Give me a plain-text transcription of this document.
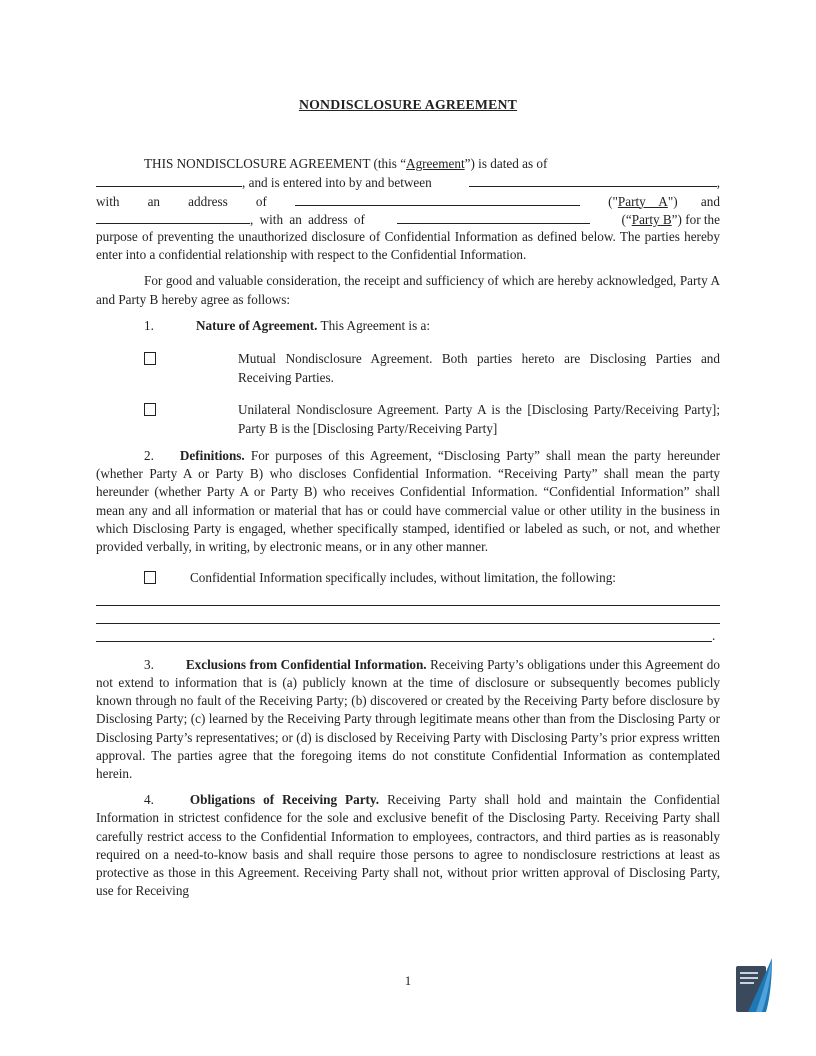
NONDISCLOSURE AGREEMENT
THIS NONDISCLOSURE AGREEMENT (this “Agreement”) is dated as of
, and is entered into by and between	,
with an address of	("Party A") and
, with an address of	(“Party B”) for the

purpose of preventing the unauthorized disclosure of Confidential Information as defined below. The parties hereby enter into a confidential relationship with respect to the Confidential Information.

For good and valuable consideration, the receipt and sufficiency of which are hereby acknowledged, Party A and Party B hereby agree as follows:

1.	Nature of Agreement. This Agreement is a:
Mutual Nondisclosure Agreement. Both parties hereto are Disclosing Parties and Receiving Parties.
Unilateral Nondisclosure Agreement. Party A is the [Disclosing Party/Receiving Party]; Party B is the [Disclosing Party/Receiving Party]

2. Definitions. For purposes of this Agreement, “Disclosing Party” shall mean the party hereunder (whether Party A or Party B) who discloses Confidential Information. “Receiving Party” shall mean the party hereunder (whether Party A or Party B) who receives Confidential Information. “Confidential Information” shall mean any and all information or material that has or could have commercial value or other utility in the business in which Disclosing Party is engaged, whether specifically stamped, identified or labeled as such, or not, and whether provided verbally, in writing, by electronic means, or in any other manner.

Confidential Information specifically includes, without limitation, the following:
.

3. Exclusions from Confidential Information. Receiving Party’s obligations under this Agreement do not extend to information that is (a) publicly known at the time of disclosure or subsequently becomes publicly known through no fault of the Receiving Party; (b) discovered or created by the Receiving Party before disclosure by Disclosing Party; (c) learned by the Receiving Party through legitimate means other than from the Disclosing Party or Disclosing Party’s representatives; or (d) is disclosed by Receiving Party with Disclosing Party’s prior express written approval. The parties agree that the foregoing items do not constitute Confidential Information as contemplated herein.

4.	Obligations of Receiving Party. Receiving Party shall hold and maintain the Confidential Information in strictest confidence for the sole and exclusive benefit of the Disclosing Party. Receiving Party shall carefully restrict access to the Confidential Information to employees, contractors, and third parties as is reasonably required on a need-to-know basis and shall require those persons to agree to nondisclosure restrictions at least as protective as those in this Agreement. Receiving Party shall not, without prior written approval of Disclosing Party, use for Receiving

1
